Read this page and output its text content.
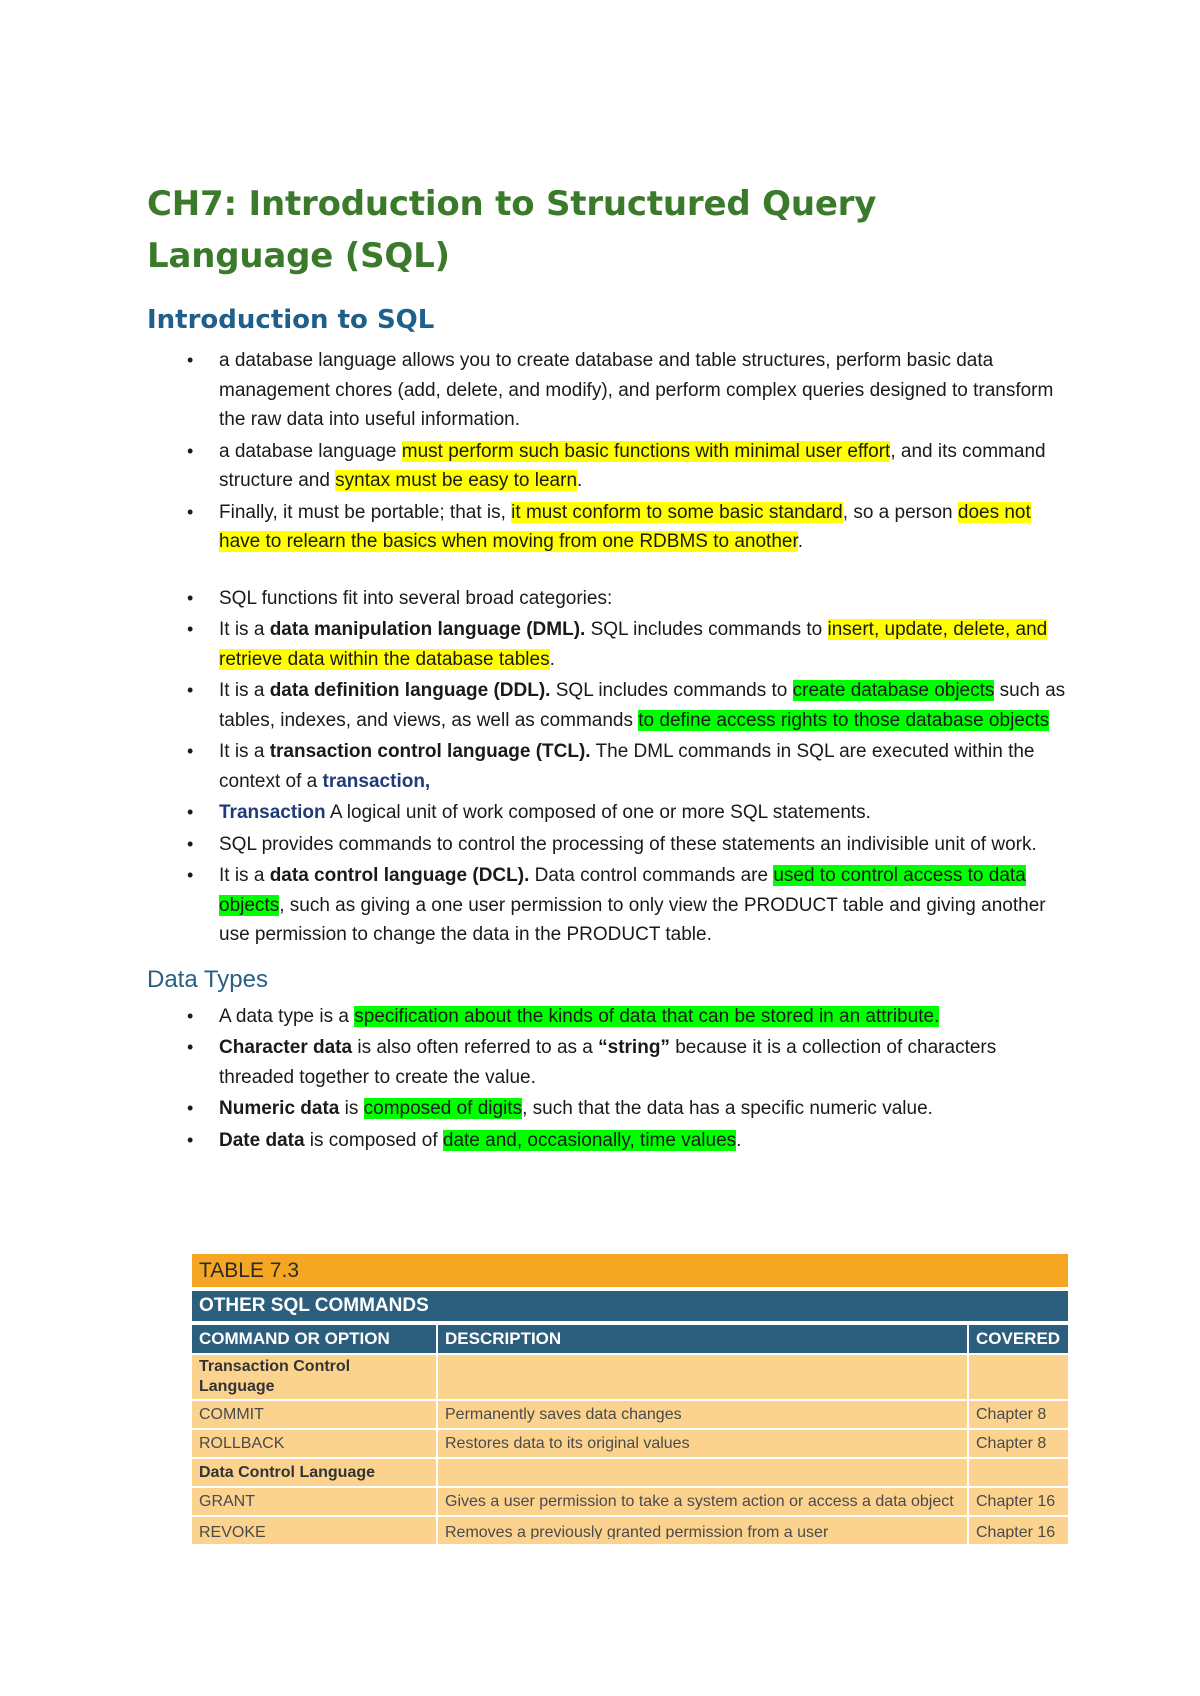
CH7: Introduction to Structured Query Language (SQL)
Introduction to SQL
• a database language allows you to create database and table structures, perform basic data management chores (add, delete, and modify), and perform complex queries designed to transform the raw data into useful information.
• a database language must perform such basic functions with minimal user effort, and its command structure and syntax must be easy to learn.
• Finally, it must be portable; that is, it must conform to some basic standard, so a person does not have to relearn the basics when moving from one RDBMS to another.
• SQL functions fit into several broad categories:
• It is a data manipulation language (DML). SQL includes commands to insert, update, delete, and retrieve data within the database tables.
• It is a data definition language (DDL). SQL includes commands to create database objects such as tables, indexes, and views, as well as commands to define access rights to those database objects
• It is a transaction control language (TCL). The DML commands in SQL are executed within the context of a transaction,
• Transaction A logical unit of work composed of one or more SQL statements.
• SQL provides commands to control the processing of these statements an indivisible unit of work.
• It is a data control language (DCL). Data control commands are used to control access to data objects, such as giving a one user permission to only view the PRODUCT table and giving another use permission to change the data in the PRODUCT table.
Data Types
• A data type is a specification about the kinds of data that can be stored in an attribute.
• Character data is also often referred to as a “string” because it is a collection of characters threaded together to create the value.
• Numeric data is composed of digits, such that the data has a specific numeric value.
• Date data is composed of date and, occasionally, time values.
TABLE 7.3
OTHER SQL COMMANDS
COMMAND OR OPTION	DESCRIPTION	COVERED
Transaction Control Language		
COMMIT	Permanently saves data changes	Chapter 8
ROLLBACK	Restores data to its original values	Chapter 8
Data Control Language		
GRANT	Gives a user permission to take a system action or access a data object	Chapter 16

REVOKE	Removes a previously granted permission from a user	Chapter 16
